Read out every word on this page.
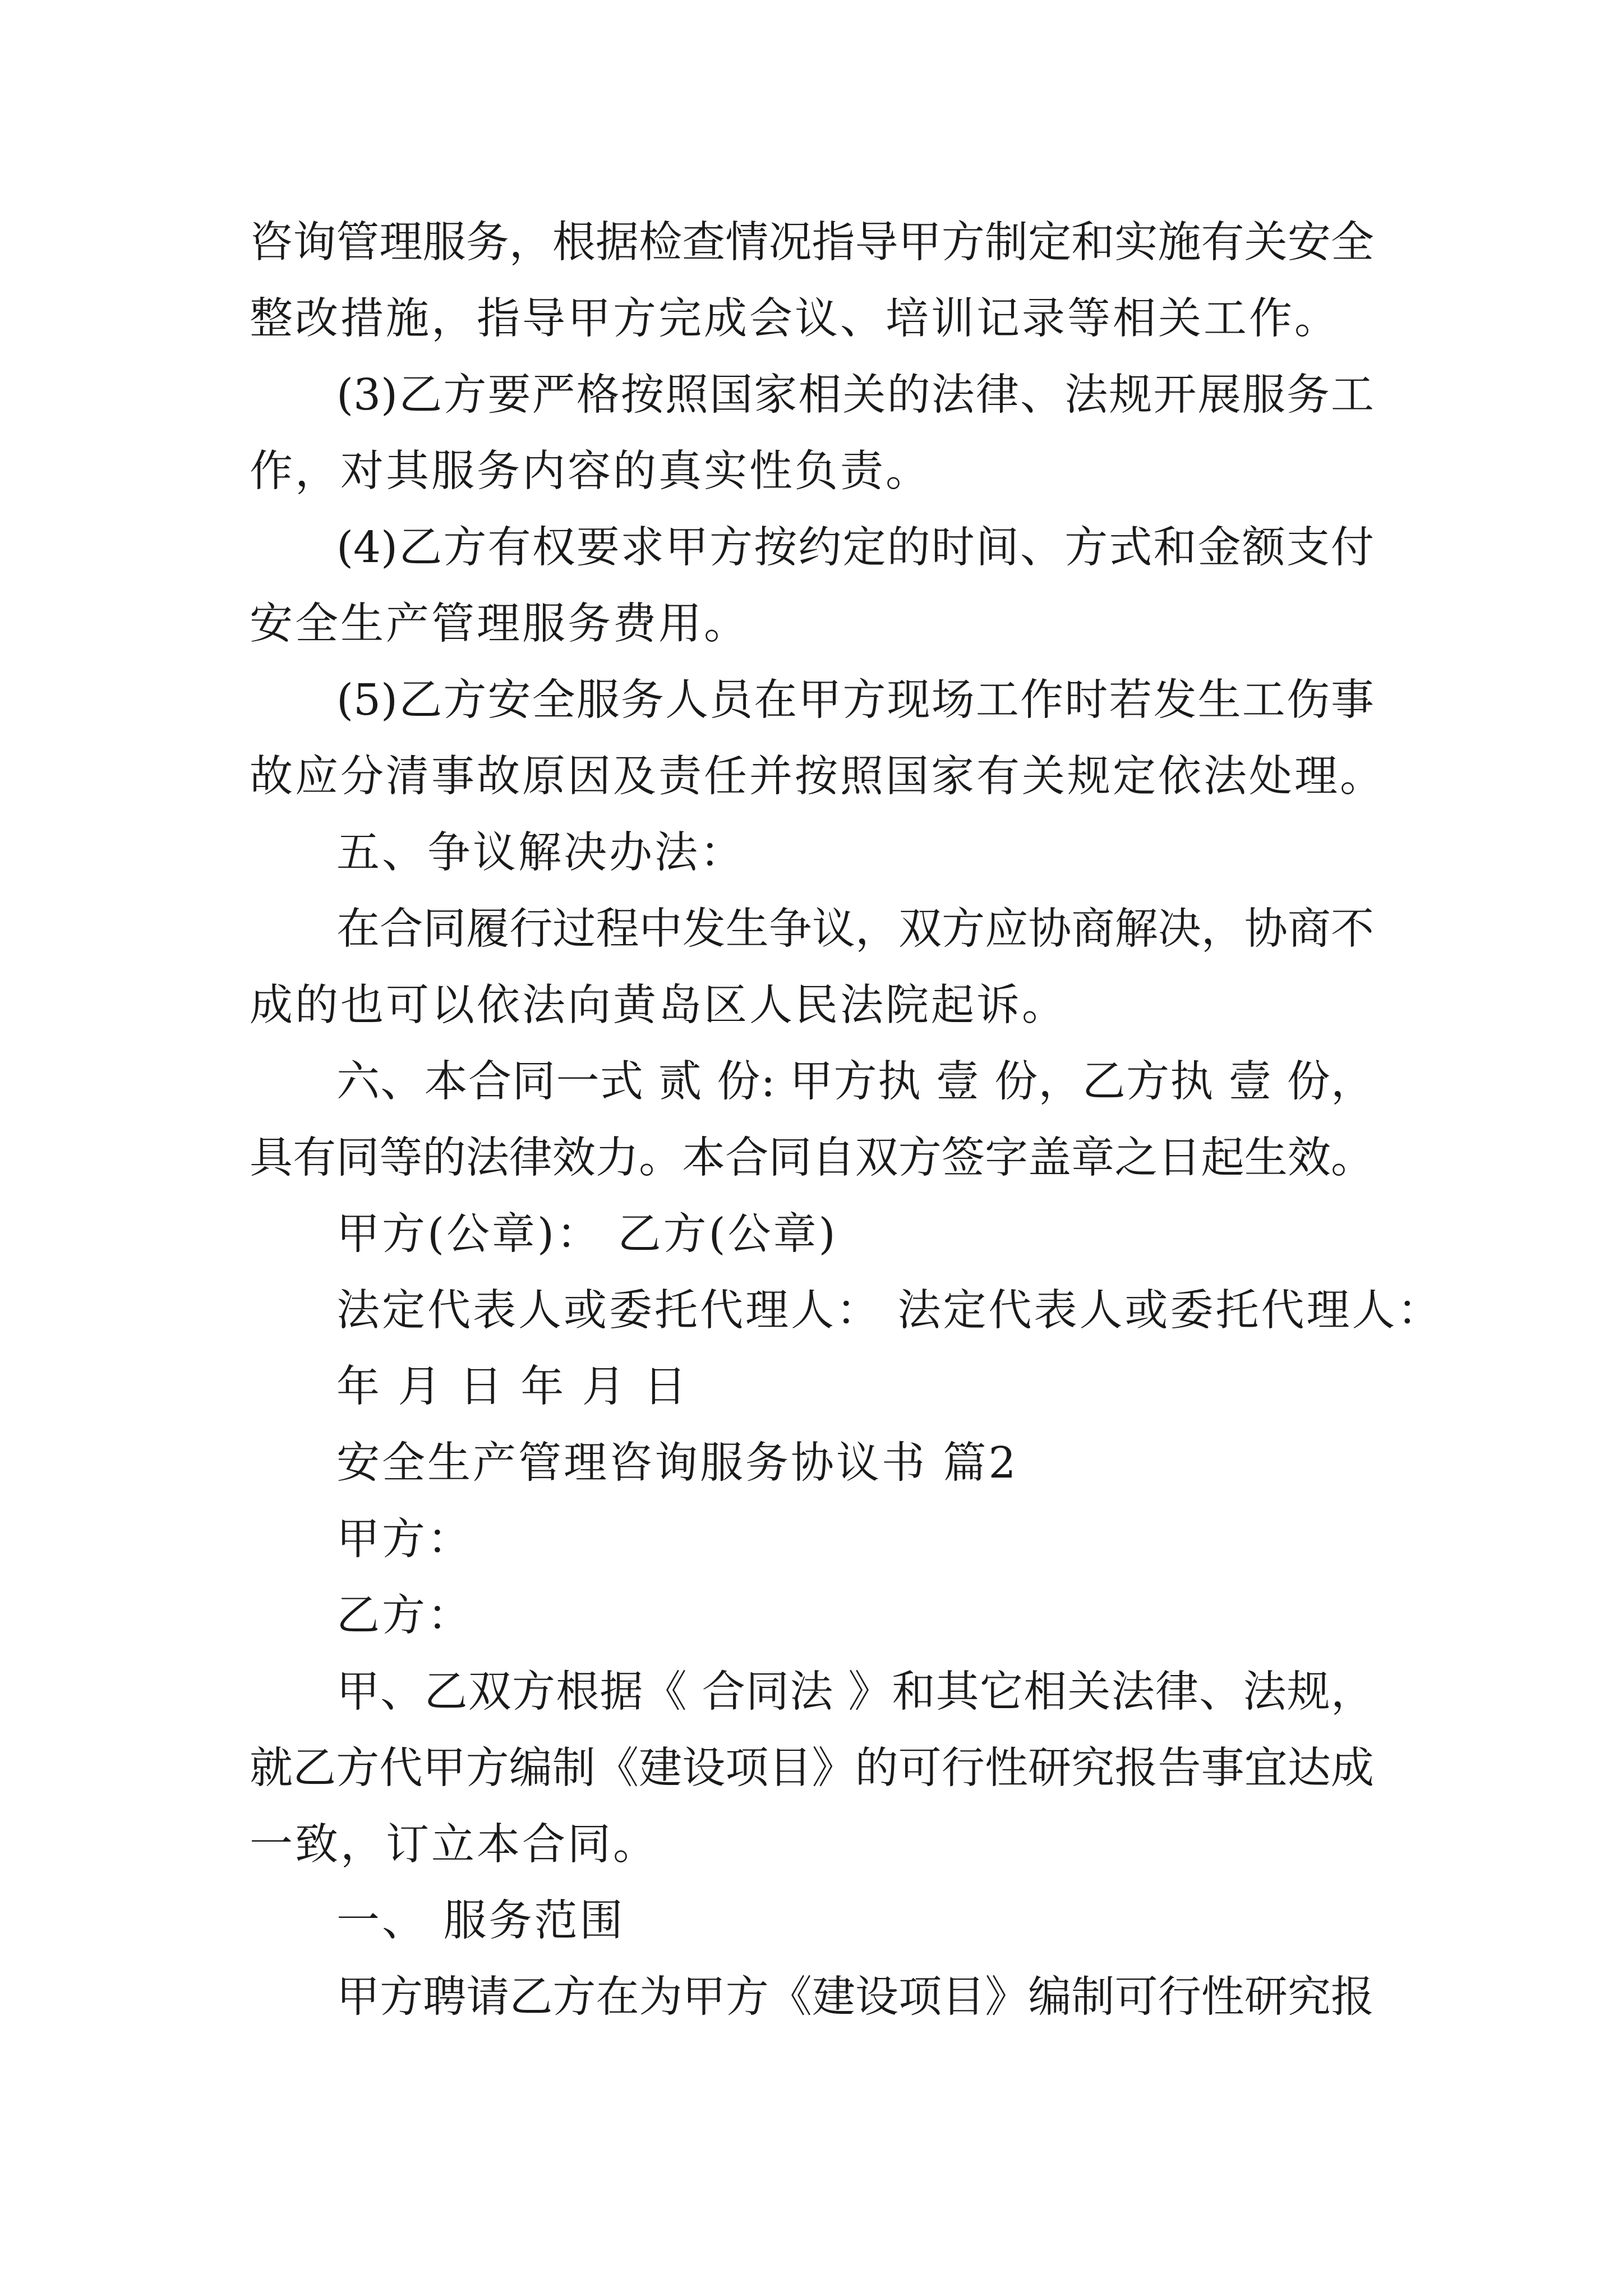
咨询管理服务，根据检查情况指导甲方制定和实施有关安全
整改措施，指导甲方完成会议、培训记录等相关工作。
(3)乙方要严格按照国家相关的法律、法规开展服务工
作，对其服务内容的真实性负责。
(4)乙方有权要求甲方按约定的时间、方式和金额支付
安全生产管理服务费用。
(5)乙方安全服务人员在甲方现场工作时若发生工伤事
故应分清事故原因及责任并按照国家有关规定依法处理。
五、争议解决办法：
在合同履行过程中发生争议，双方应协商解决，协商不
成的也可以依法向黄岛区人民法院起诉。
六、本合同一式 贰 份: 甲方执 壹 份，乙方执 壹 份，
具有同等的法律效力。本合同自双方签字盖章之日起生效。
甲方(公章)： 乙方(公章)
法定代表人或委托代理人： 法定代表人或委托代理人：
年 月 日 年 月 日
安全生产管理咨询服务协议书 篇2
甲方：
乙方：
甲、乙双方根据《 合同法 》和其它相关法律、法规，
就乙方代甲方编制《建设项目》的可行性研究报告事宜达成
一致，订立本合同。
一、 服务范围
甲方聘请乙方在为甲方《建设项目》编制可行性研究报
